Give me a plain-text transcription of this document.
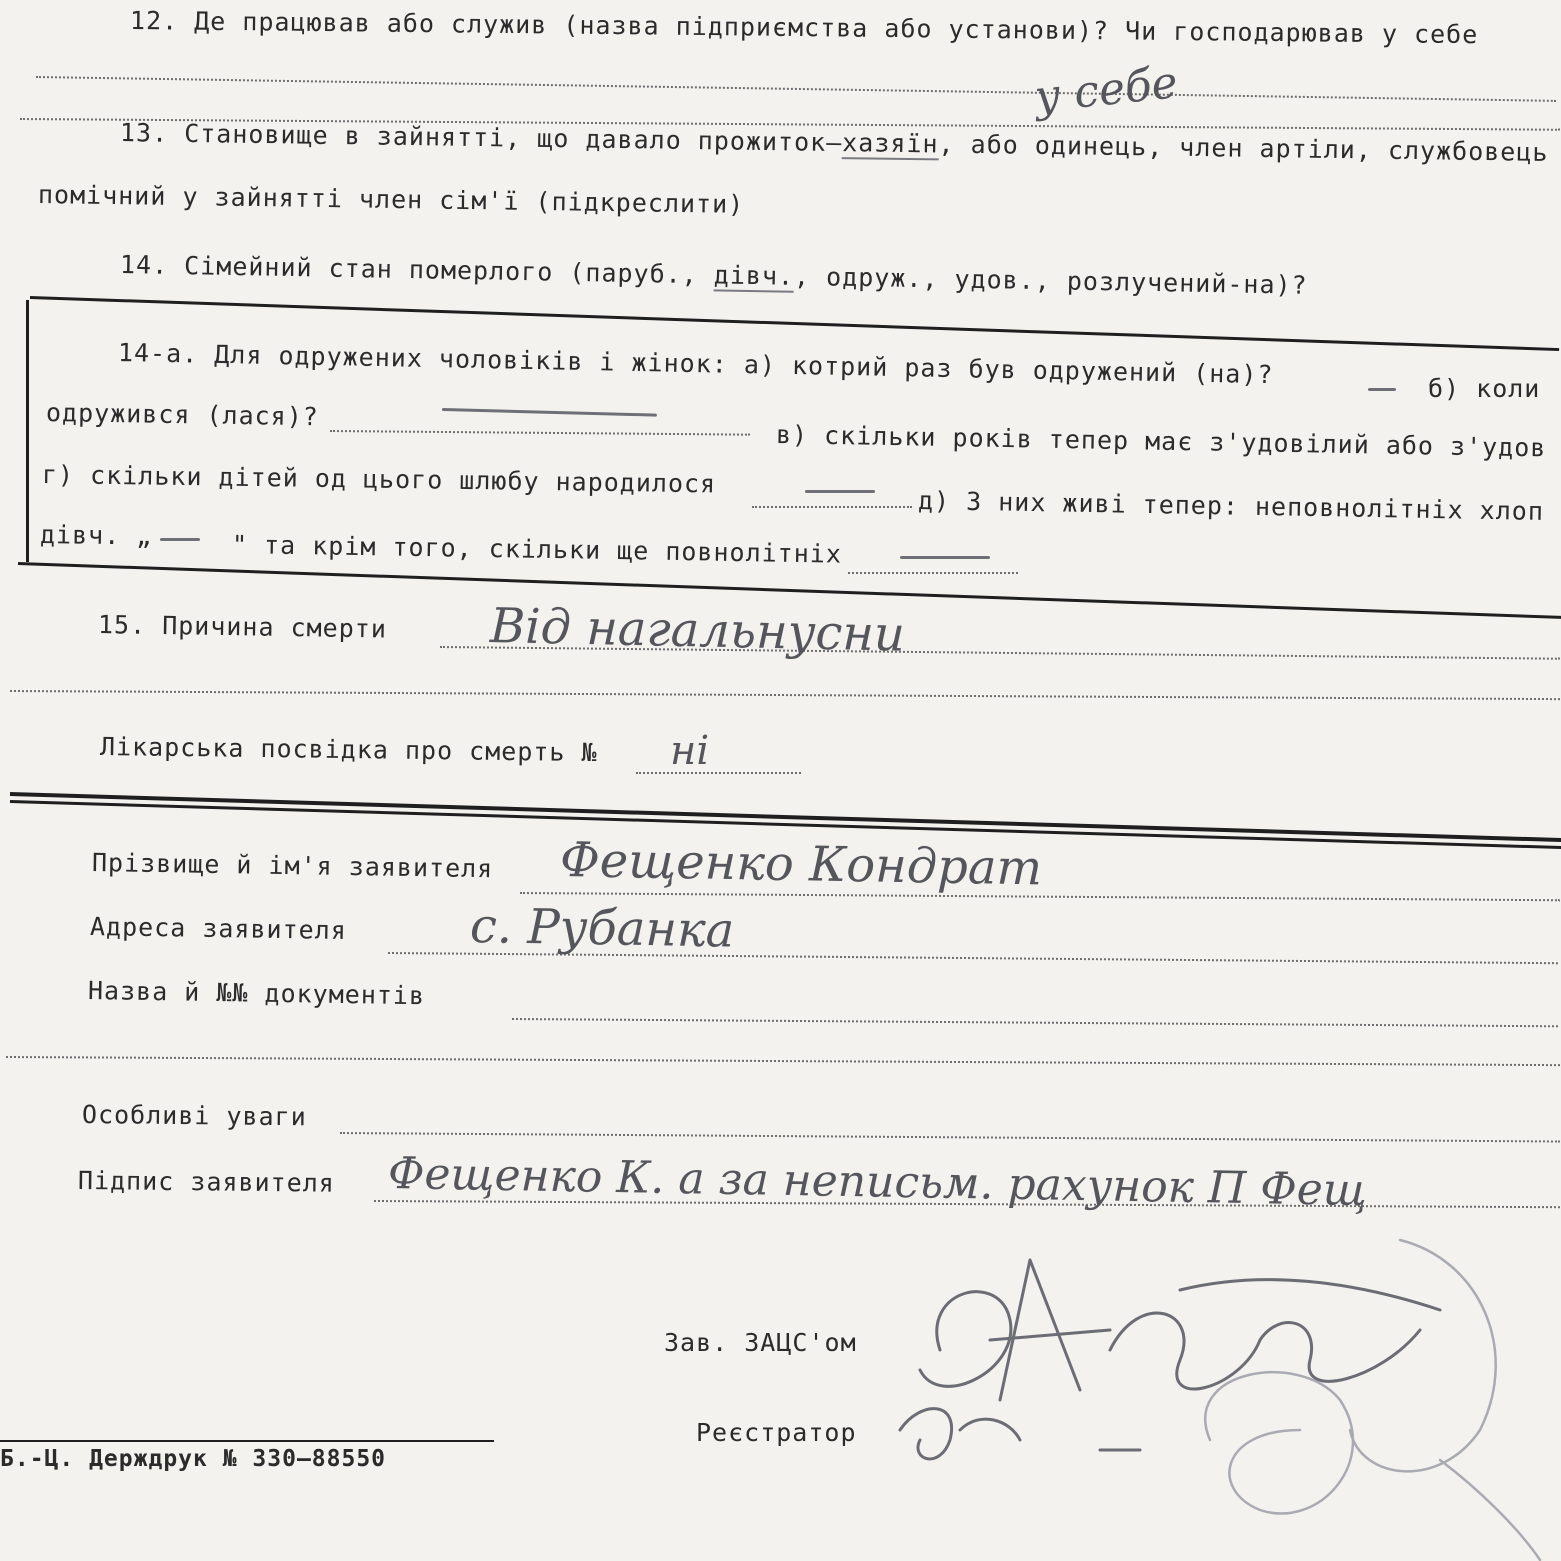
12. Де працював або служив (назва підприємства або установи)? Чи господарював у себе
у себе
13. Становище в зайнятті, що давало прожиток—хазяїн, або одинець, член артіли, службовець
помічний у зайнятті член сім'ї (підкреслити)
14. Сімейний стан померлого (паруб., дівч., одруж., удов., розлучений-на)?
14-а. Для одружених чоловіків і жінок: а) котрий раз був одружений (на)?	б) коли
одружився (лася)?
в) скільки років тепер має з'удовілий або з'удов
г) скільки дітей од цього шлюбу народилося
д) З них живі тепер: неповнолітніх хлоп
дівч. „	" та крім того, скільки ще повнолітніх
15. Причина смерти Від нагальнусни
Лікарська посвідка про смерть № ні
Прізвище й ім'я заявителя Фещенко Кондрат
Адреса заявителя	с. Рубанка
Назва й №№ документів
Особливі уваги
Підпис заявителя Фещенко К. а за неписьм. рахунок П Фещ
Зав. ЗАЦС'ом
Реєстратор
Б.-Ц. Держдрук № 330—88550
